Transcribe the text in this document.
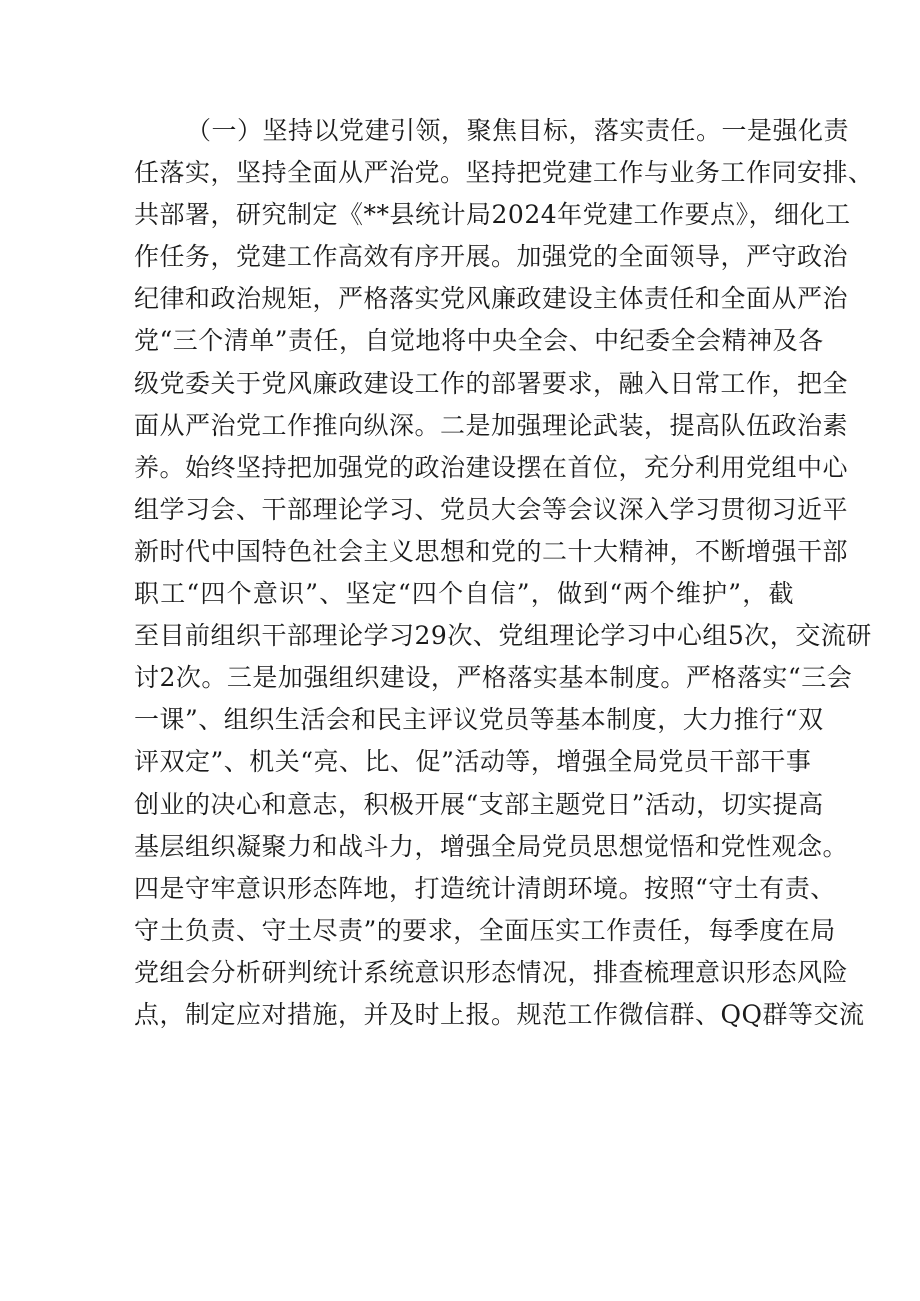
（一）坚持以党建引领，聚焦目标，落实责任。一是强化责
任落实，坚持全面从严治党。坚持把党建工作与业务工作同安排、
共部署，研究制定《**县统计局2024年党建工作要点》，细化工
作任务，党建工作高效有序开展。加强党的全面领导，严守政治
纪律和政治规矩，严格落实党风廉政建设主体责任和全面从严治
党“三个清单”责任，自觉地将中央全会、中纪委全会精神及各
级党委关于党风廉政建设工作的部署要求，融入日常工作，把全
面从严治党工作推向纵深。二是加强理论武装，提高队伍政治素
养。始终坚持把加强党的政治建设摆在首位，充分利用党组中心
组学习会、干部理论学习、党员大会等会议深入学习贯彻习近平
新时代中国特色社会主义思想和党的二十大精神，不断增强干部
职工“四个意识”、坚定“四个自信”，做到“两个维护”，截
至目前组织干部理论学习29次、党组理论学习中心组5次，交流研
讨2次。三是加强组织建设，严格落实基本制度。严格落实“三会
一课”、组织生活会和民主评议党员等基本制度，大力推行“双
评双定”、机关“亮、比、促”活动等，增强全局党员干部干事
创业的决心和意志，积极开展“支部主题党日”活动，切实提高
基层组织凝聚力和战斗力，增强全局党员思想觉悟和党性观念。
四是守牢意识形态阵地，打造统计清朗环境。按照“守土有责、
守土负责、守土尽责”的要求，全面压实工作责任，每季度在局
党组会分析研判统计系统意识形态情况，排查梳理意识形态风险
点，制定应对措施，并及时上报。规范工作微信群、QQ群等交流
